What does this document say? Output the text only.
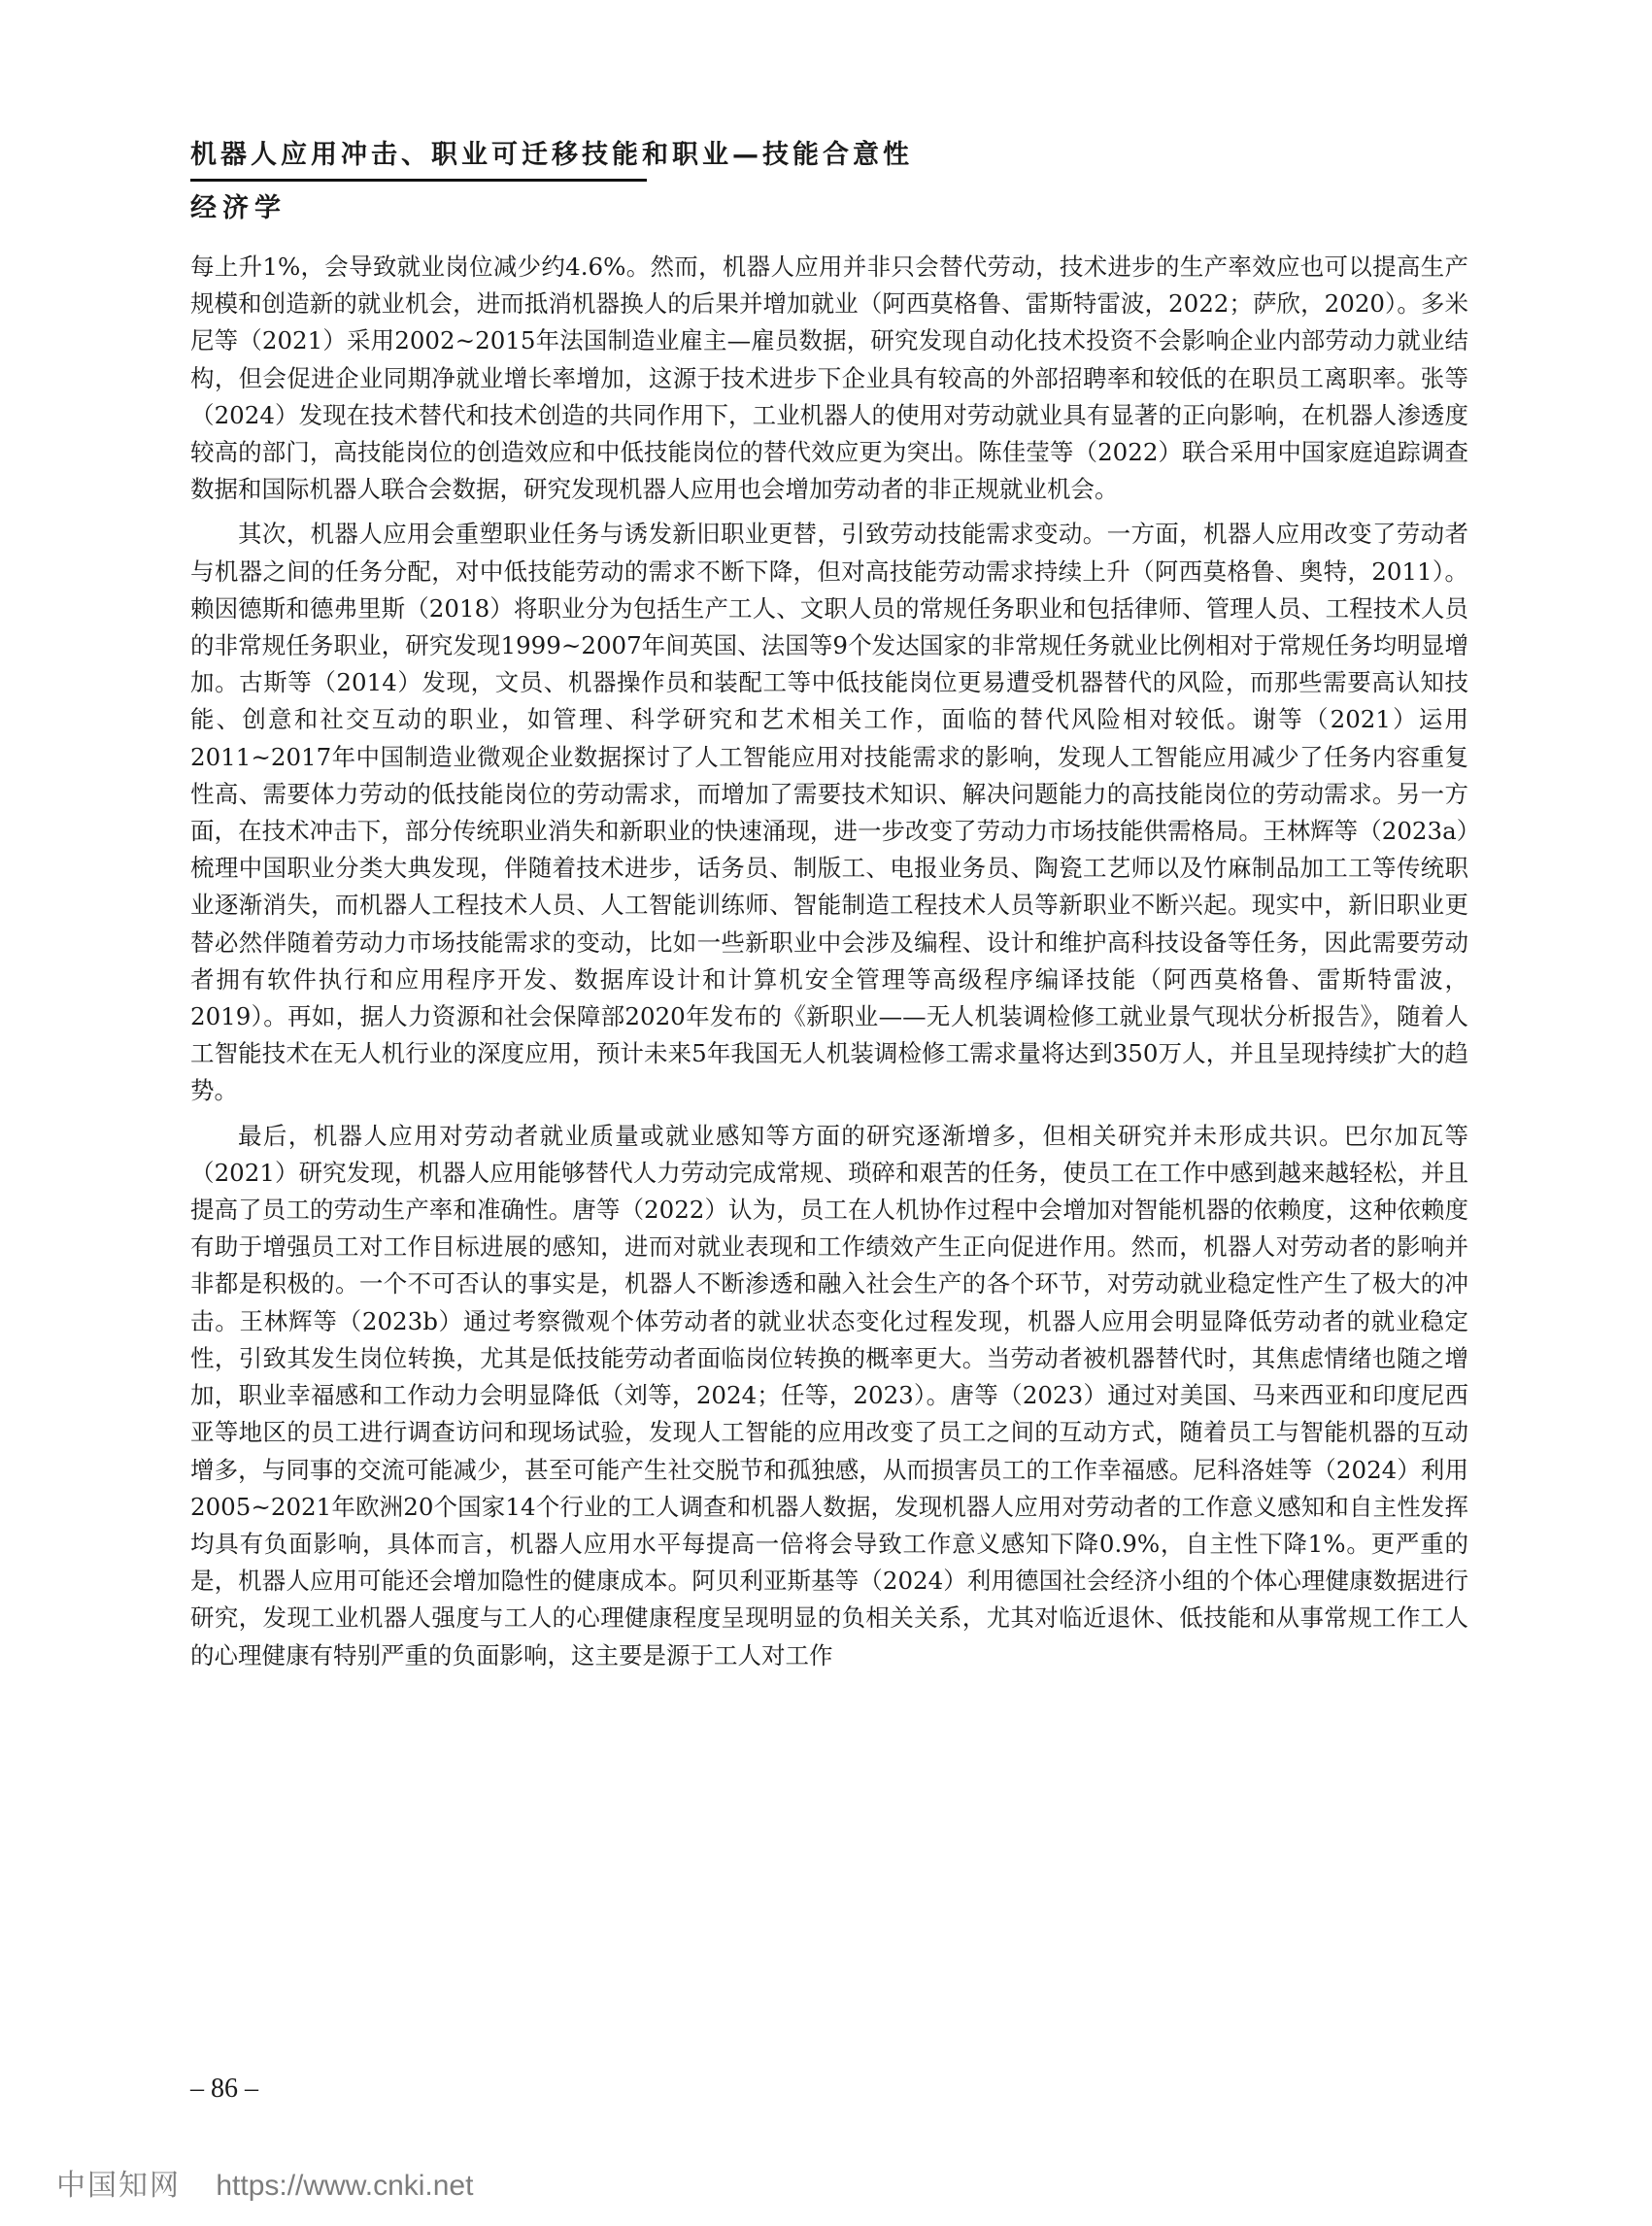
机器人应用冲击、职业可迁移技能和职业—技能合意性
经济学

每上升1%，会导致就业岗位减少约4.6%。然而，机器人应用并非只会替代劳动，技术进步的生产率效应也可以提高生产规模和创造新的就业机会，进而抵消机器换人的后果并增加就业（阿西莫格鲁、雷斯特雷波，2022；萨欣，2020）。多米尼等（2021）采用2002~2015年法国制造业雇主—雇员数据，研究发现自动化技术投资不会影响企业内部劳动力就业结构，但会促进企业同期净就业增长率增加，这源于技术进步下企业具有较高的外部招聘率和较低的在职员工离职率。张等（2024）发现在技术替代和技术创造的共同作用下，工业机器人的使用对劳动就业具有显著的正向影响，在机器人渗透度较高的部门，高技能岗位的创造效应和中低技能岗位的替代效应更为突出。陈佳莹等（2022）联合采用中国家庭追踪调查数据和国际机器人联合会数据，研究发现机器人应用也会增加劳动者的非正规就业机会。

其次，机器人应用会重塑职业任务与诱发新旧职业更替，引致劳动技能需求变动。一方面，机器人应用改变了劳动者与机器之间的任务分配，对中低技能劳动的需求不断下降，但对高技能劳动需求持续上升（阿西莫格鲁、奥特，2011）。赖因德斯和德弗里斯（2018）将职业分为包括生产工人、文职人员的常规任务职业和包括律师、管理人员、工程技术人员的非常规任务职业，研究发现1999~2007年间英国、法国等9个发达国家的非常规任务就业比例相对于常规任务均明显增加。古斯等（2014）发现，文员、机器操作员和装配工等中低技能岗位更易遭受机器替代的风险，而那些需要高认知技能、创意和社交互动的职业，如管理、科学研究和艺术相关工作，面临的替代风险相对较低。谢等（2021）运用2011~2017年中国制造业微观企业数据探讨了人工智能应用对技能需求的影响，发现人工智能应用减少了任务内容重复性高、需要体力劳动的低技能岗位的劳动需求，而增加了需要技术知识、解决问题能力的高技能岗位的劳动需求。另一方面，在技术冲击下，部分传统职业消失和新职业的快速涌现，进一步改变了劳动力市场技能供需格局。王林辉等（2023a）梳理中国职业分类大典发现，伴随着技术进步，话务员、制版工、电报业务员、陶瓷工艺师以及竹麻制品加工工等传统职业逐渐消失，而机器人工程技术人员、人工智能训练师、智能制造工程技术人员等新职业不断兴起。现实中，新旧职业更替必然伴随着劳动力市场技能需求的变动，比如一些新职业中会涉及编程、设计和维护高科技设备等任务，因此需要劳动者拥有软件执行和应用程序开发、数据库设计和计算机安全管理等高级程序编译技能（阿西莫格鲁、雷斯特雷波，2019）。再如，据人力资源和社会保障部2020年发布的《新职业——无人机装调检修工就业景气现状分析报告》，随着人工智能技术在无人机行业的深度应用，预计未来5年我国无人机装调检修工需求量将达到350万人，并且呈现持续扩大的趋势。

最后，机器人应用对劳动者就业质量或就业感知等方面的研究逐渐增多，但相关研究并未形成共识。巴尔加瓦等（2021）研究发现，机器人应用能够替代人力劳动完成常规、琐碎和艰苦的任务，使员工在工作中感到越来越轻松，并且提高了员工的劳动生产率和准确性。唐等（2022）认为，员工在人机协作过程中会增加对智能机器的依赖度，这种依赖度有助于增强员工对工作目标进展的感知，进而对就业表现和工作绩效产生正向促进作用。然而，机器人对劳动者的影响并非都是积极的。一个不可否认的事实是，机器人不断渗透和融入社会生产的各个环节，对劳动就业稳定性产生了极大的冲击。王林辉等（2023b）通过考察微观个体劳动者的就业状态变化过程发现，机器人应用会明显降低劳动者的就业稳定性，引致其发生岗位转换，尤其是低技能劳动者面临岗位转换的概率更大。当劳动者被机器替代时，其焦虑情绪也随之增加，职业幸福感和工作动力会明显降低（刘等，2024；任等，2023）。唐等（2023）通过对美国、马来西亚和印度尼西亚等地区的员工进行调查访问和现场试验，发现人工智能的应用改变了员工之间的互动方式，随着员工与智能机器的互动增多，与同事的交流可能减少，甚至可能产生社交脱节和孤独感，从而损害员工的工作幸福感。尼科洛娃等（2024）利用2005~2021年欧洲20个国家14个行业的工人调查和机器人数据，发现机器人应用对劳动者的工作意义感知和自主性发挥均具有负面影响，具体而言，机器人应用水平每提高一倍将会导致工作意义感知下降0.9%，自主性下降1%。更严重的是，机器人应用可能还会增加隐性的健康成本。阿贝利亚斯基等（2024）利用德国社会经济小组的个体心理健康数据进行研究，发现工业机器人强度与工人的心理健康程度呈现明显的负相关关系，尤其对临近退休、低技能和从事常规工作工人的心理健康有特别严重的负面影响，这主要是源于工人对工作

– 86 –
中国知网 https://www.cnki.net
